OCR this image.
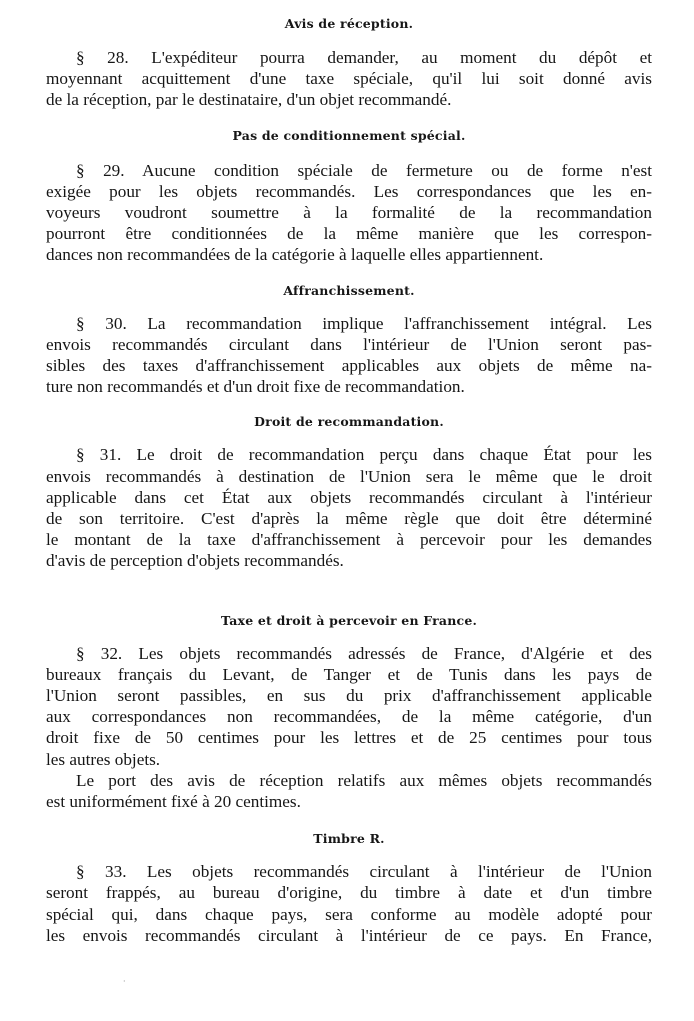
Avis de réception.

§ 28. L'expéditeur pourra demander, au moment du dépôt et
moyennant acquittement d'une taxe spéciale, qu'il lui soit donné avis
de la réception, par le destinataire, d'un objet recommandé.

Pas de conditionnement spécial.

§ 29. Aucune condition spéciale de fermeture ou de forme n'est
exigée pour les objets recommandés. Les correspondances que les en-
voyeurs voudront soumettre à la formalité de la recommandation
pourront être conditionnées de la même manière que les correspon-
dances non recommandées de la catégorie à laquelle elles appartiennent.

Affranchissement.

§ 30. La recommandation implique l'affranchissement intégral. Les
envois recommandés circulant dans l'intérieur de l'Union seront pas-
sibles des taxes d'affranchissement applicables aux objets de même na-
ture non recommandés et d'un droit fixe de recommandation.

Droit de recommandation.

§ 31. Le droit de recommandation perçu dans chaque État pour les
envois recommandés à destination de l'Union sera le même que le droit
applicable dans cet État aux objets recommandés circulant à l'intérieur
de son territoire. C'est d'après la même règle que doit être déterminé
le montant de la taxe d'affranchissement à percevoir pour les demandes
d'avis de perception d'objets recommandés.

Taxe et droit à percevoir en France.

§ 32. Les objets recommandés adressés de France, d'Algérie et des
bureaux français du Levant, de Tanger et de Tunis dans les pays de
l'Union seront passibles, en sus du prix d'affranchissement applicable
aux correspondances non recommandées, de la même catégorie, d'un
droit fixe de 50 centimes pour les lettres et de 25 centimes pour tous
les autres objets.

Le port des avis de réception relatifs aux mêmes objets recommandés
est uniformément fixé à 20 centimes.

Timbre R.

§ 33. Les objets recommandés circulant à l'intérieur de l'Union
seront frappés, au bureau d'origine, du timbre à date et d'un timbre
spécial qui, dans chaque pays, sera conforme au modèle adopté pour
les envois recommandés circulant à l'intérieur de ce pays. En France,

·
